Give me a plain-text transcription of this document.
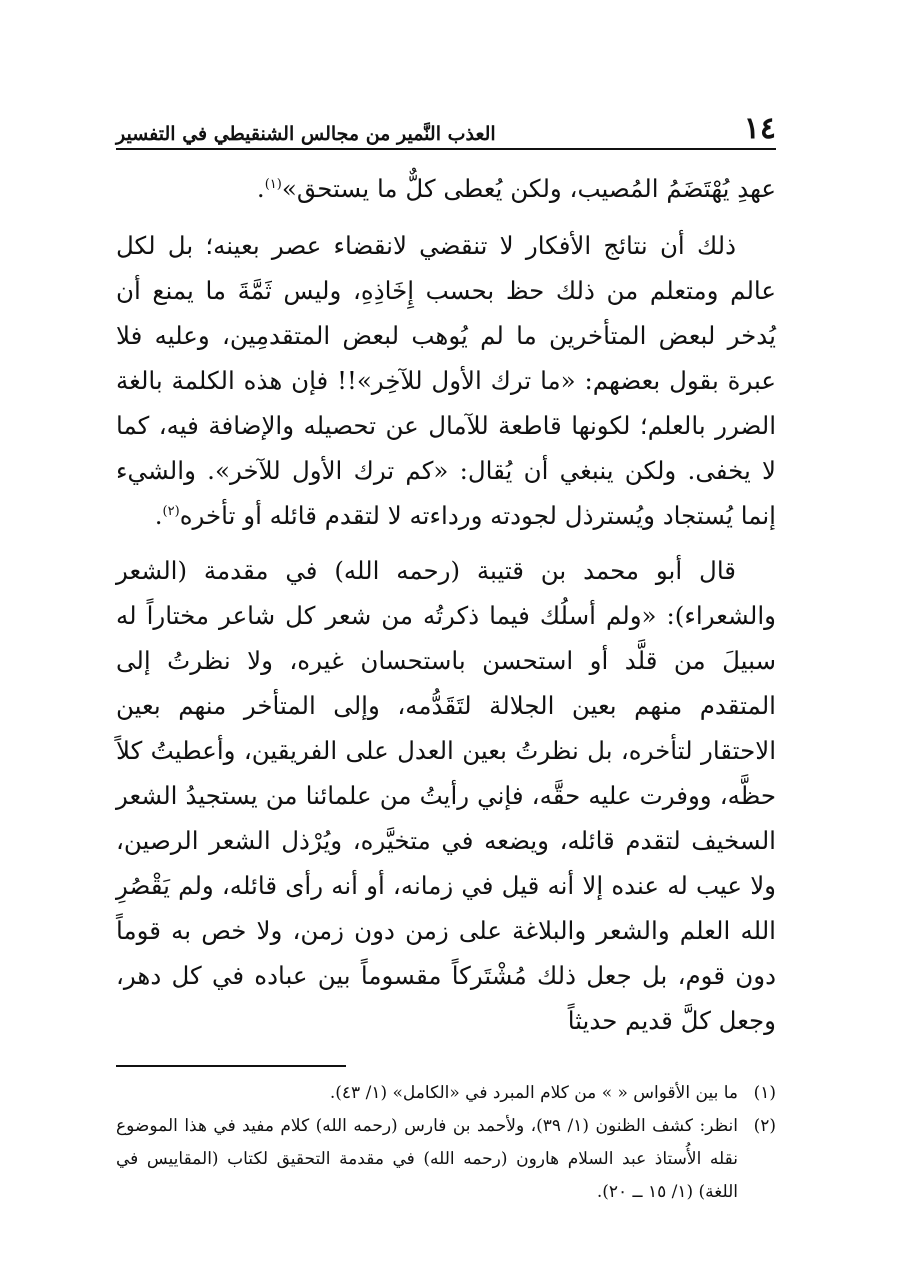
١٤
العذب النَّمير من مجالس الشنقيطي في التفسير

عهدِ يُهْتَضَمُ المُصيب، ولكن يُعطى كلٌّ ما يستحق»$^{(١)}$.

ذلك أن نتائج الأفكار لا تنقضي لانقضاء عصر بعينه؛ بل لكل عالم ومتعلم من ذلك حظ بحسب إِخَاذِهِ، وليس ثَمَّةَ ما يمنع أن يُدخر لبعض المتأخرين ما لم يُوهب لبعض المتقدمِين، وعليه فلا عبرة بقول بعضهم: «ما ترك الأول للآخِر»!! فإن هذه الكلمة بالغة الضرر بالعلم؛ لكونها قاطعة للآمال عن تحصيله والإضافة فيه، كما لا يخفى. ولكن ينبغي أن يُقال: «كم ترك الأول للآخر». والشيء إنما يُستجاد ويُسترذل لجودته ورداءته لا لتقدم قائله أو تأخره$^{(٢)}$.

قال أبو محمد بن قتيبة (رحمه الله) في مقدمة (الشعر والشعراء): «ولم أسلُك فيما ذكرتُه من شعر كل شاعر مختاراً له سبيلَ من قلَّد أو استحسن باستحسان غيره، ولا نظرتُ إلى المتقدم منهم بعين الجلالة لتَقَدُّمه، وإلى المتأخر منهم بعين الاحتقار لتأخره، بل نظرتُ بعين العدل على الفريقين، وأعطيتُ كلاً حظَّه، ووفرت عليه حقَّه، فإني رأيتُ من علمائنا من يستجيدُ الشعر السخيف لتقدم قائله، ويضعه في متخيَّره، ويُرْذل الشعر الرصين، ولا عيب له عنده إلا أنه قيل في زمانه، أو أنه رأى قائله، ولم يَقْصُرِ الله العلم والشعر والبلاغة على زمن دون زمن، ولا خص به قوماً دون قوم، بل جعل ذلك مُشْتَركاً مقسوماً بين عباده في كل دهر، وجعل كلَّ قديم حديثاً

(١)
ما بين الأقواس « » من كلام المبرد في «الكامل» (١/ ٤٣).
(٢)
انظر: كشف الظنون (١/ ٣٩)، ولأحمد بن فارس (رحمه الله) كلام مفيد في هذا الموضوع نقله الأُستاذ عبد السلام هارون (رحمه الله) في مقدمة التحقيق لكتاب (المقاييس في اللغة) (١/ ١٥ ــ ٢٠).
